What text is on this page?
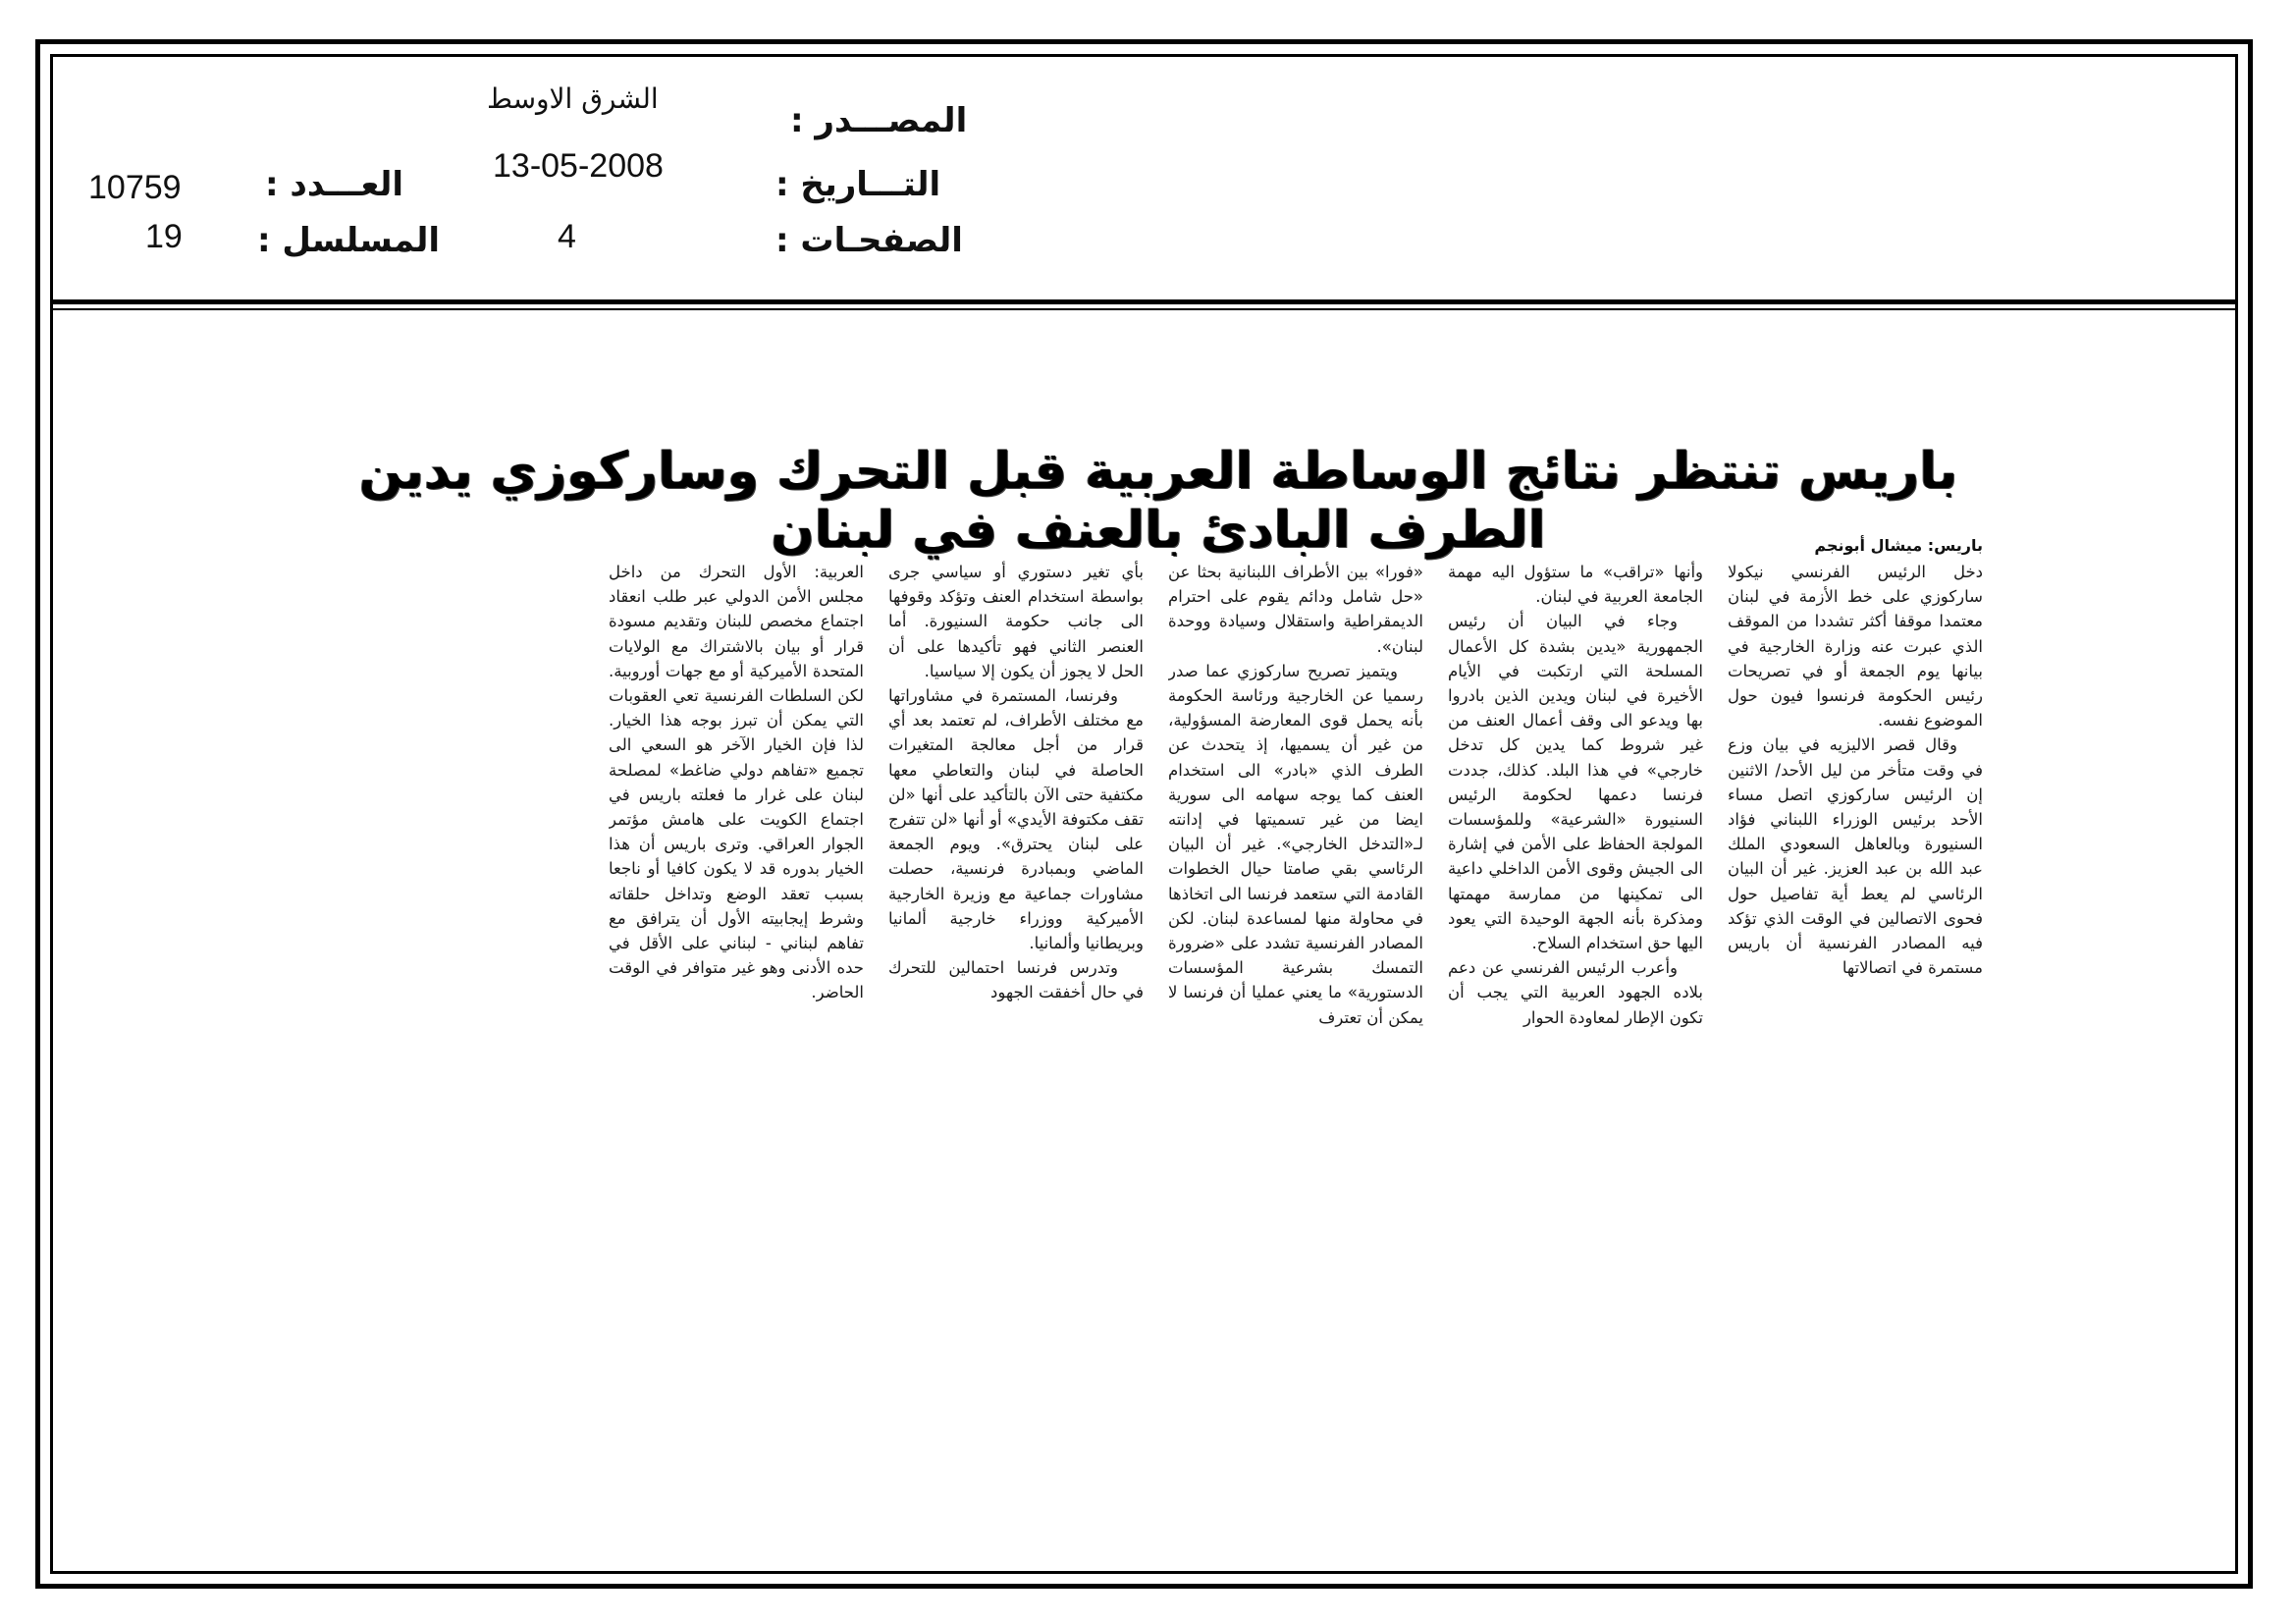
المصـــدر :
التـــاريخ :
الصفحـات :
العـــدد :
المسلسل :
الشرق الاوسط
13-05-2008
4
10759
19
باريس تنتظر نتائج الوساطة العربية قبل التحرك وساركوزي يدين الطرف البادئ بالعنف في لبنان	باريس: ميشال أبونجم

دخل الرئيس الفرنسي نيكولا ساركوزي على خط الأزمة في لبنان معتمدا موقفا أكثر تشددا من الموقف الذي عبرت عنه وزارة الخارجية في بيانها يوم الجمعة أو في تصريحات رئيس الحكومة فرنسوا فيون حول الموضوع نفسه.

وقال قصر الاليزيه في بيان وزع في وقت متأخر من ليل الأحد/ الاثنين إن الرئيس ساركوزي اتصل مساء الأحد برئيس الوزراء اللبناني فؤاد السنيورة وبالعاهل السعودي الملك عبد الله بن عبد العزيز. غير أن البيان الرئاسي لم يعط أية تفاصيل حول فحوى الاتصالين في الوقت الذي تؤكد فيه المصادر الفرنسية أن باريس مستمرة في اتصالاتها

وأنها «تراقب» ما ستؤول اليه مهمة الجامعة العربية في لبنان.

وجاء في البيان أن رئيس الجمهورية «يدين بشدة كل الأعمال المسلحة التي ارتكبت في الأيام الأخيرة في لبنان ويدين الذين بادروا بها ويدعو الى وقف أعمال العنف من غير شروط كما يدين كل تدخل خارجي» في هذا البلد. كذلك، جددت فرنسا دعمها لحكومة الرئيس السنيورة «الشرعية» وللمؤسسات المولجة الحفاظ على الأمن في إشارة الى الجيش وقوى الأمن الداخلي داعية الى تمكينها من ممارسة مهمتها ومذكرة بأنه الجهة الوحيدة التي يعود اليها حق استخدام السلاح.

وأعرب الرئيس الفرنسي عن دعم بلاده الجهود العربية التي يجب أن تكون الإطار لمعاودة الحوار

«فورا» بين الأطراف اللبنانية بحثا عن «حل شامل ودائم يقوم على احترام الديمقراطية واستقلال وسيادة ووحدة لبنان».

ويتميز تصريح ساركوزي عما صدر رسميا عن الخارجية ورئاسة الحكومة بأنه يحمل قوى المعارضة المسؤولية، من غير أن يسميها، إذ يتحدث عن الطرف الذي «بادر» الى استخدام العنف كما يوجه سهامه الى سورية ايضا من غير تسميتها في إدانته لـ«التدخل الخارجي». غير أن البيان الرئاسي بقي صامتا حيال الخطوات القادمة التي ستعمد فرنسا الى اتخاذها في محاولة منها لمساعدة لبنان. لكن المصادر الفرنسية تشدد على «ضرورة التمسك بشرعية المؤسسات الدستورية» ما يعني عمليا أن فرنسا لا يمكن أن تعترف

بأي تغير دستوري أو سياسي جرى بواسطة استخدام العنف وتؤكد وقوفها الى جانب حكومة السنيورة. أما العنصر الثاني فهو تأكيدها على أن الحل لا يجوز أن يكون إلا سياسيا.

وفرنسا، المستمرة في مشاوراتها مع مختلف الأطراف، لم تعتمد بعد أي قرار من أجل معالجة المتغيرات الحاصلة في لبنان والتعاطي معها مكتفية حتى الآن بالتأكيد على أنها «لن تقف مكتوفة الأيدي» أو أنها «لن تتفرج على لبنان يحترق». ويوم الجمعة الماضي وبمبادرة فرنسية، حصلت مشاورات جماعية مع وزيرة الخارجية الأميركية ووزراء خارجية ألمانيا وبريطانيا وألمانيا.

وتدرس فرنسا احتمالين للتحرك في حال أخفقت الجهود

العربية: الأول التحرك من داخل مجلس الأمن الدولي عبر طلب انعقاد اجتماع مخصص للبنان وتقديم مسودة قرار أو بيان بالاشتراك مع الولايات المتحدة الأميركية أو مع جهات أوروبية. لكن السلطات الفرنسية تعي العقوبات التي يمكن أن تبرز بوجه هذا الخيار. لذا فإن الخيار الآخر هو السعي الى تجميع «تفاهم دولي ضاغط» لمصلحة لبنان على غرار ما فعلته باريس في اجتماع الكويت على هامش مؤتمر الجوار العراقي. وترى باريس أن هذا الخيار بدوره قد لا يكون كافيا أو ناجعا بسبب تعقد الوضع وتداخل حلقاته وشرط إيجابيته الأول أن يترافق مع تفاهم لبناني - لبناني على الأقل في حده الأدنى وهو غير متوافر في الوقت الحاضر.
